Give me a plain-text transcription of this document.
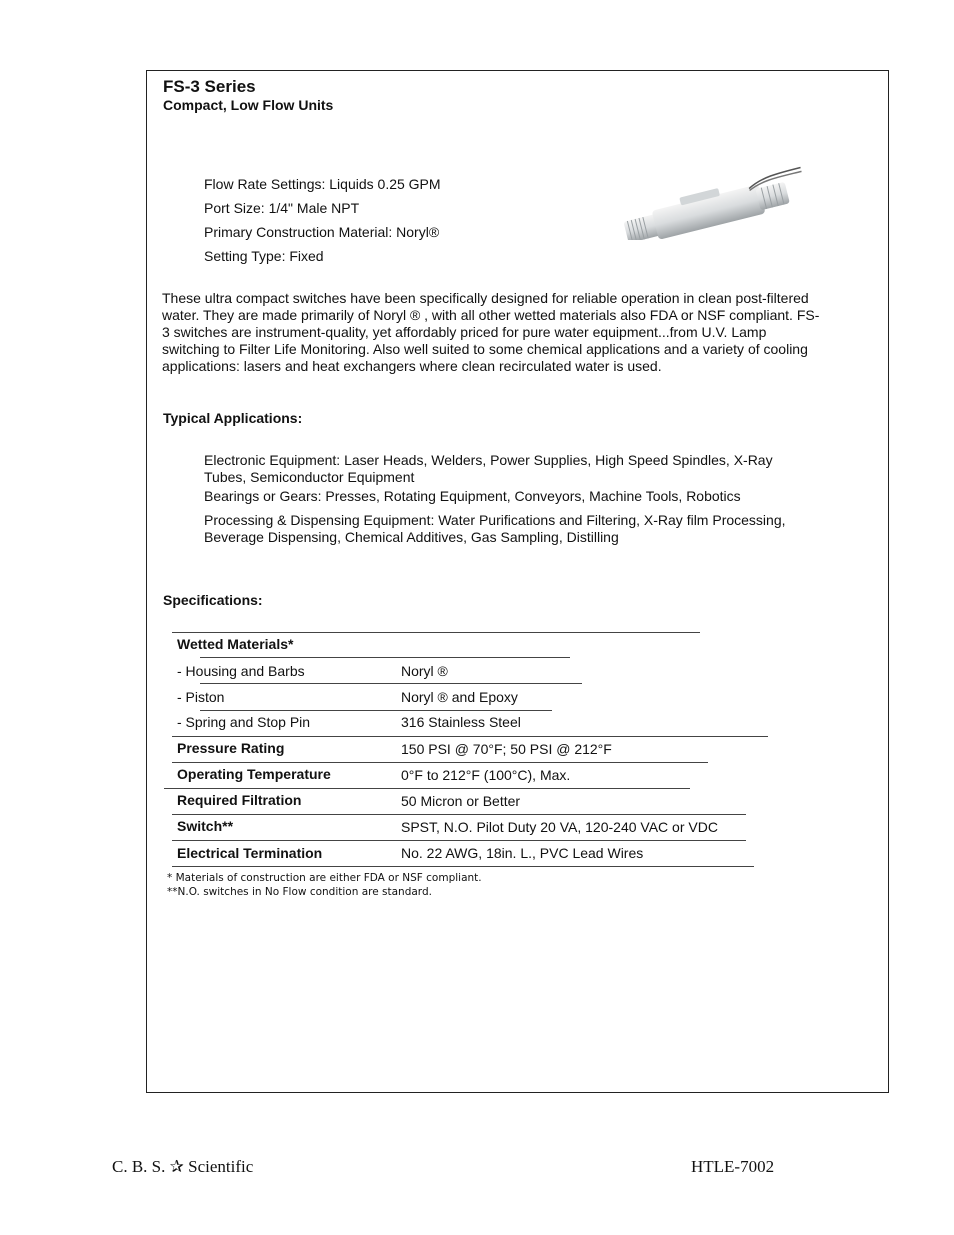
FS-3 Series
Compact, Low Flow Units
Flow Rate Settings: Liquids 0.25 GPM
Port Size: 1/4" Male NPT
Primary Construction Material: Noryl®
Setting Type: Fixed
These ultra compact switches have been specifically designed for reliable operation in clean post-filtered water. They are made primarily of Noryl ® , with all other wetted materials also FDA or NSF compliant. FS-3 switches are instrument-quality, yet affordably priced for pure water equipment...from U.V. Lamp switching to Filter Life Monitoring. Also well suited to some chemical applications and a variety of cooling applications: lasers and heat exchangers where clean recirculated water is used.
Typical Applications:
Electronic Equipment: Laser Heads, Welders, Power Supplies, High Speed Spindles, X-Ray Tubes, Semiconductor Equipment
Bearings or Gears: Presses, Rotating Equipment, Conveyors, Machine Tools, Robotics
Processing & Dispensing Equipment: Water Purifications and Filtering, X-Ray film Processing, Beverage Dispensing, Chemical Additives, Gas Sampling, Distilling
Specifications:
Wetted Materials*
- Housing and Barbs	Noryl ®
- Piston	Noryl ® and Epoxy
- Spring and Stop Pin	316 Stainless Steel
Pressure Rating	150 PSI @ 70°F; 50 PSI @ 212°F
Operating Temperature	0°F to 212°F (100°C), Max.
Required Filtration	50 Micron or Better
Switch**	SPST, N.O. Pilot Duty 20 VA, 120-240 VAC or VDC
Electrical Termination	No. 22 AWG, 18in. L., PVC Lead Wires
* Materials of construction are either FDA or NSF compliant.
**N.O. switches in No Flow condition are standard.
C. B. S. ✰ Scientific	HTLE-7002
